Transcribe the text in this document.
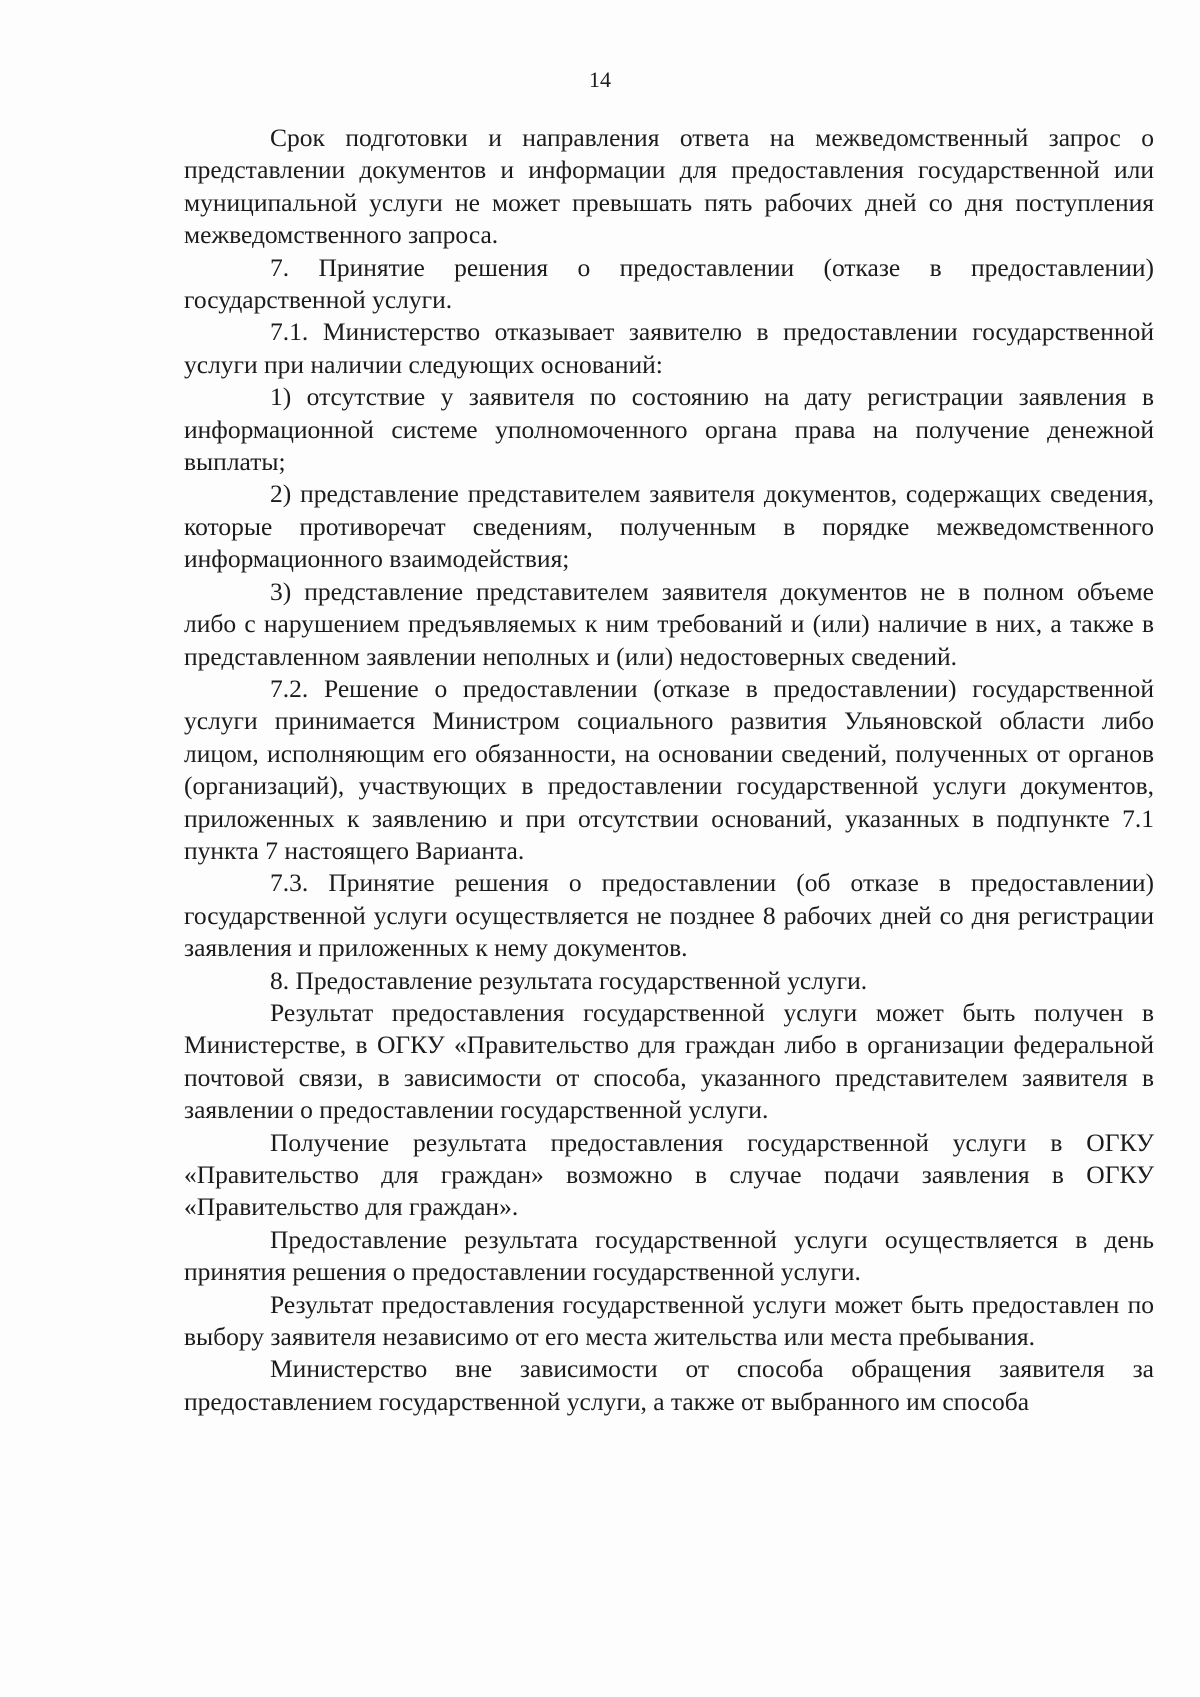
14

Срок подготовки и направления ответа на межведомственный запрос о представлении документов и информации для предоставления государственной или муниципальной услуги не может превышать пять рабочих дней со дня поступления межведомственного запроса.

7. Принятие решения о предоставлении (отказе в предоставлении) государственной услуги.

7.1. Министерство отказывает заявителю в предоставлении государственной услуги при наличии следующих оснований:

1) отсутствие у заявителя по состоянию на дату регистрации заявления в информационной системе уполномоченного органа права на получение денежной выплаты;

2) представление представителем заявителя документов, содержащих сведения, которые противоречат сведениям, полученным в порядке межведомственного информационного взаимодействия;

3) представление представителем заявителя документов не в полном объеме либо с нарушением предъявляемых к ним требований и (или) наличие в них, а также в представленном заявлении неполных и (или) недостоверных сведений.

7.2. Решение о предоставлении (отказе в предоставлении) государственной услуги принимается Министром социального развития Ульяновской области либо лицом, исполняющим его обязанности, на основании сведений, полученных от органов (организаций), участвующих в предоставлении государственной услуги документов, приложенных к заявлению и при отсутствии оснований, указанных в подпункте 7.1 пункта 7 настоящего Варианта.

7.3. Принятие решения о предоставлении (об отказе в предоставлении) государственной услуги осуществляется не позднее 8 рабочих дней со дня регистрации заявления и приложенных к нему документов.

8. Предоставление результата государственной услуги.

Результат предоставления государственной услуги может быть получен в Министерстве, в ОГКУ «Правительство для граждан либо в организации федеральной почтовой связи, в зависимости от способа, указанного представителем заявителя в заявлении о предоставлении государственной услуги.

Получение результата предоставления государственной услуги в ОГКУ «Правительство для граждан» возможно в случае подачи заявления в ОГКУ «Правительство для граждан».

Предоставление результата государственной услуги осуществляется в день принятия решения о предоставлении государственной услуги.

Результат предоставления государственной услуги может быть предоставлен по выбору заявителя независимо от его места жительства или места пребывания.

Министерство вне зависимости от способа обращения заявителя за предоставлением государственной услуги, а также от выбранного им способа
